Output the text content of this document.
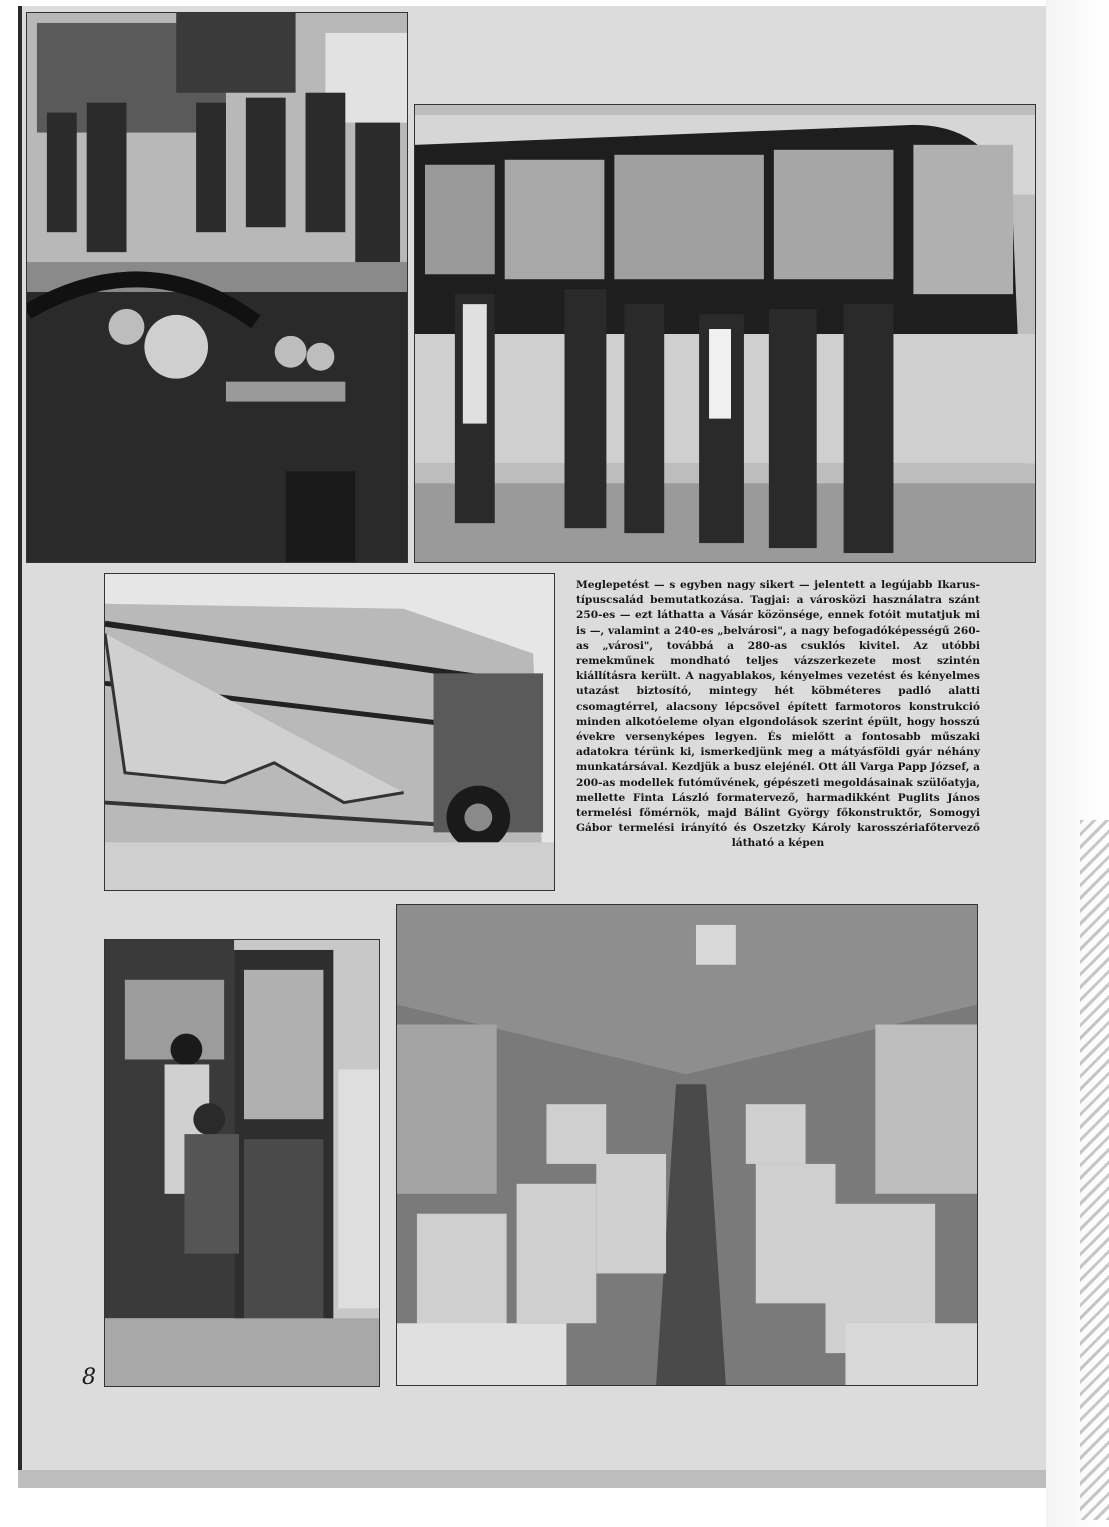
Meglepetést — s egyben nagy sikert — jelentett a legújabb Ikarus-típuscsalád bemutatkozása. Tagjai: a városközi használatra szánt 250-es — ezt láthatta a Vásár közönsége, ennek fotóit mutatjuk mi is —, valamint a 240-es „belvárosi", a nagy befogadóképességű 260-as „városi", továbbá a 280-as csuklós kivitel. Az utóbbi remekműnek mondható teljes vázszerkezete most szintén kiállításra került. A nagyablakos, kényelmes vezetést és kényelmes utazást biztosító, mintegy hét köbméteres padló alatti csomagtérrel, alacsony lépcsővel épített farmotoros konstrukció minden alkotóeleme olyan elgondolások szerint épült, hogy hosszú évekre versenyképes legyen. És mielőtt a fontosabb műszaki adatokra térünk ki, ismerkedjünk meg a mátyásföldi gyár néhány munkatársával. Kezdjük a busz elejénél. Ott áll Varga Papp József, a 200-as modellek futóművének, gépészeti megoldásainak szülőatyja, mellette Finta László formatervező, harmadikként Puglits János termelési főmérnök, majd Bálint György főkonstruktőr, Somogyi Gábor termelési irányító és Oszetzky Károly karosszériafőtervező látható a képen
8
